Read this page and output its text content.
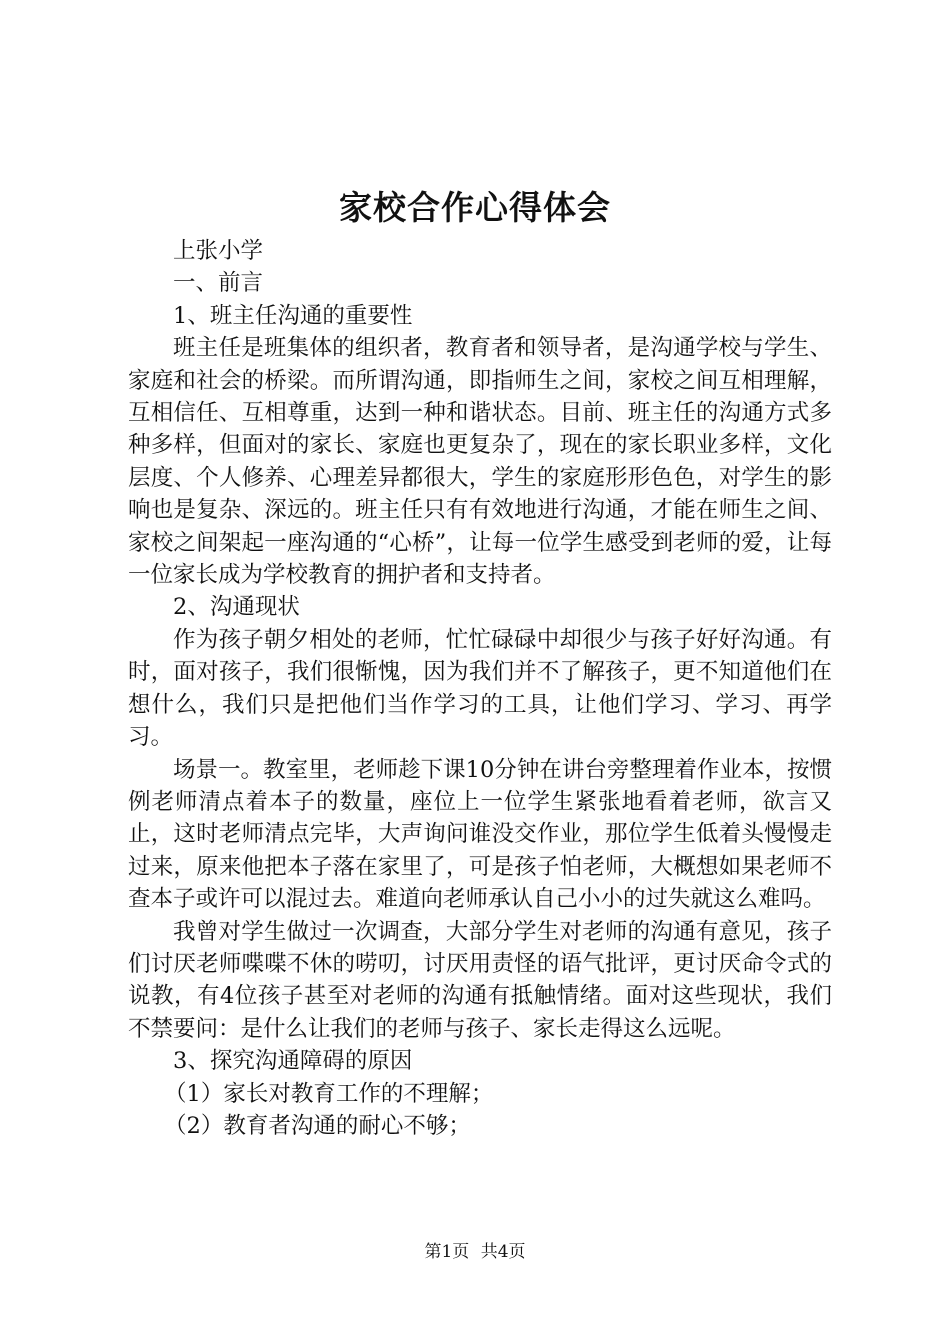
家校合作心得体会

上张小学

一、前言

1、班主任沟通的重要性

班主任是班集体的组织者，教育者和领导者，是沟通学校与学生、家庭和社会的桥梁。而所谓沟通，即指师生之间，家校之间互相理解，互相信任、互相尊重，达到一种和谐状态。目前、班主任的沟通方式多种多样，但面对的家长、家庭也更复杂了，现在的家长职业多样，文化层度、个人修养、心理差异都很大，学生的家庭形形色色，对学生的影响也是复杂、深远的。班主任只有有效地进行沟通，才能在师生之间、家校之间架起一座沟通的“心桥”，让每一位学生感受到老师的爱，让每一位家长成为学校教育的拥护者和支持者。

2、沟通现状

作为孩子朝夕相处的老师，忙忙碌碌中却很少与孩子好好沟通。有时，面对孩子，我们很惭愧，因为我们并不了解孩子，更不知道他们在想什么，我们只是把他们当作学习的工具，让他们学习、学习、再学习。

场景一。教室里，老师趁下课10分钟在讲台旁整理着作业本，按惯例老师清点着本子的数量，座位上一位学生紧张地看着老师，欲言又止，这时老师清点完毕，大声询问谁没交作业，那位学生低着头慢慢走过来，原来他把本子落在家里了，可是孩子怕老师，大概想如果老师不查本子或许可以混过去。难道向老师承认自己小小的过失就这么难吗。

我曾对学生做过一次调查，大部分学生对老师的沟通有意见，孩子们讨厌老师喋喋不休的唠叨，讨厌用责怪的语气批评，更讨厌命令式的说教，有4位孩子甚至对老师的沟通有抵触情绪。面对这些现状，我们不禁要问：是什么让我们的老师与孩子、家长走得这么远呢。

3、探究沟通障碍的原因

（1）家长对教育工作的不理解；

（2）教育者沟通的耐心不够；

第1页 共4页
